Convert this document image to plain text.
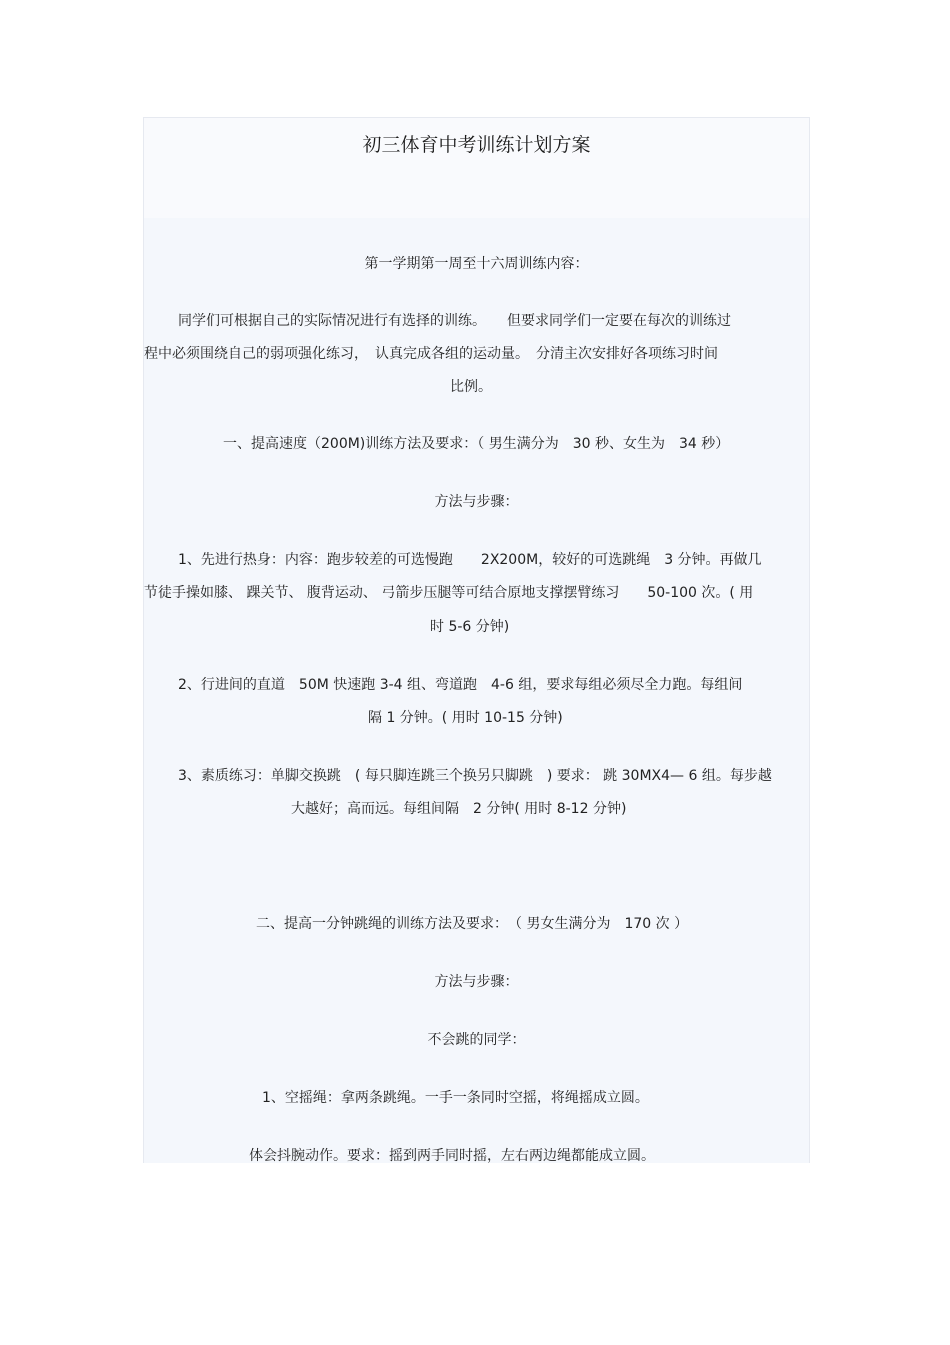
初三体育中考训练计划方案
第一学期第一周至十六周训练内容：
同学们可根据自己的实际情况进行有选择的训练。　　但要求同学们一定要在每次的训练过
程中必须围绕自己的弱项强化练习，　认真完成各组的运动量。　分清主次安排好各项练习时间
比例。
一、提高速度（200M)训练方法及要求：（ 男生满分为　30 秒、女生为　34 秒）
方法与步骤：
1、先进行热身：内容：跑步较差的可选慢跑　　2X200M，较好的可选跳绳　3 分钟。再做几
节徒手操如膝、 踝关节、 腹背运动、 弓箭步压腿等可结合原地支撑摆臂练习　　50-100 次。( 用
时 5-6 分钟)
2、行进间的直道　50M 快速跑 3-4 组、弯道跑　4-6 组，要求每组必须尽全力跑。每组间
隔 1 分钟。( 用时 10-15 分钟)
3、素质练习：单脚交换跳　( 每只脚连跳三个换另只脚跳　) 要求： 跳 30MX4— 6 组。每步越
大越好；高而远。每组间隔　2 分钟( 用时 8-12 分钟)
二、提高一分钟跳绳的训练方法及要求：　（ 男女生满分为　170 次 ）
方法与步骤：
不会跳的同学：
1、空摇绳：拿两条跳绳。一手一条同时空摇，将绳摇成立圆。
体会抖腕动作。要求：摇到两手同时摇，左右两边绳都能成立圆。
